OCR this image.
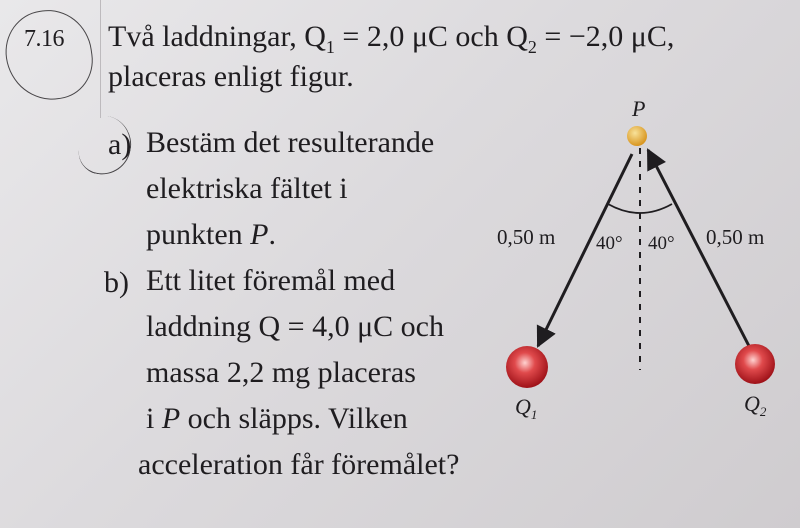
7.16 Två laddningar, $Q_1 = 2,0$ μC och $Q_2 = -2,0$ μC,
placeras enligt figur.
a) Bestäm det resulterande
elektriska fältet i
punkten P.
b) Ett litet föremål med
laddning Q = 4,0 μC och
massa 2,2 mg placeras
i P och släpps. Vilken
acceleration får föremålet?
P
0,50 m	0,50 m
40° 40°
$Q_1$	$Q_2$
